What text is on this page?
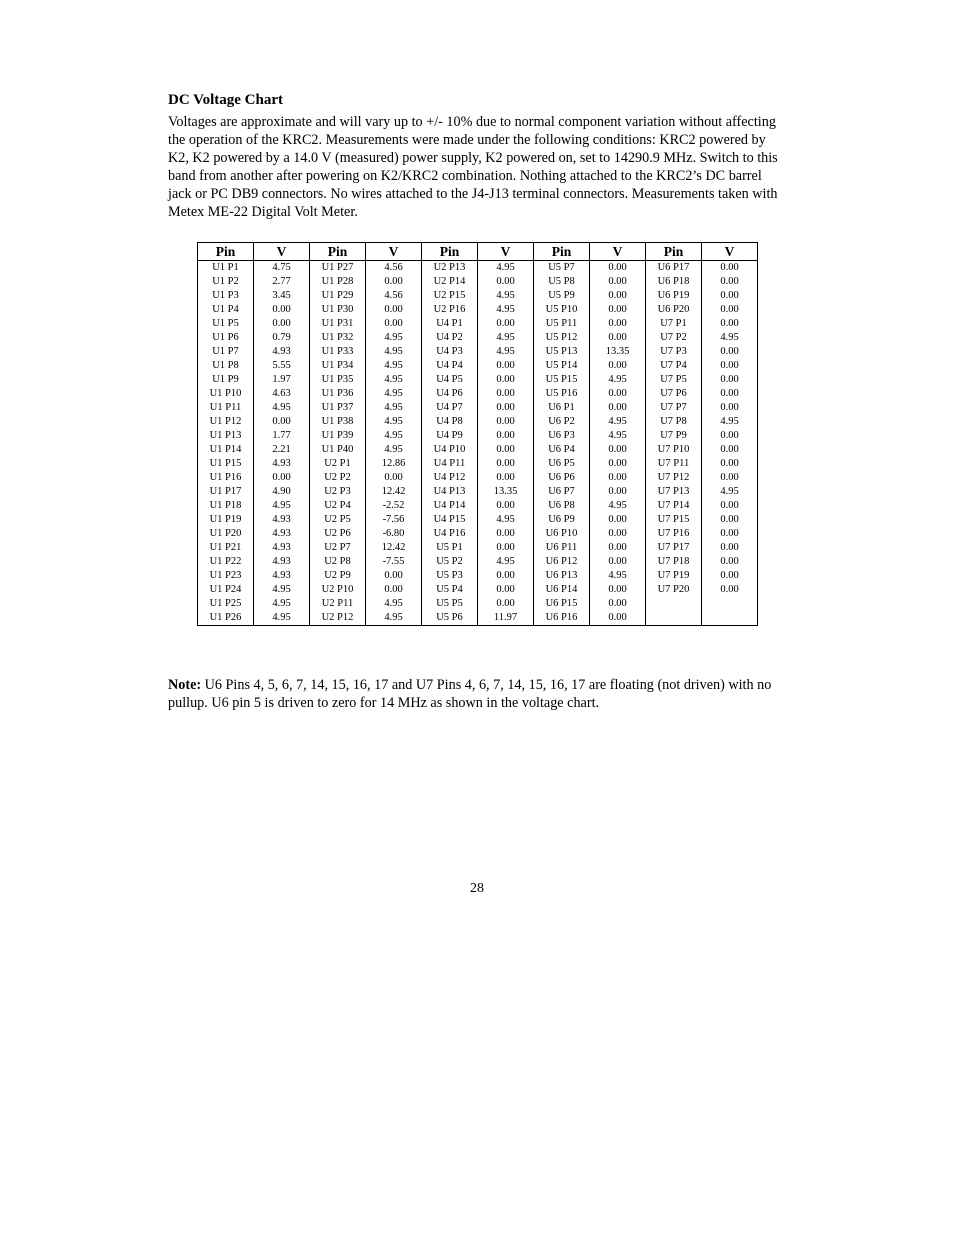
DC Voltage Chart
Voltages are approximate and will vary up to +/- 10% due to normal component variation without affecting the operation of the KRC2. Measurements were made under the following conditions: KRC2 powered by K2, K2 powered by a 14.0 V (measured) power supply, K2 powered on, set to 14290.9 MHz. Switch to this band from another after powering on K2/KRC2 combination. Nothing attached to the KRC2’s DC barrel jack or PC DB9 connectors. No wires attached to the J4-J13 terminal connectors. Measurements taken with Metex ME-22 Digital Volt Meter.
Pin	V	Pin	V	Pin	V	Pin	V	Pin	V
U1 P1	4.75	U1 P27	4.56	U2 P13	4.95	U5 P7	0.00	U6 P17	0.00
U1 P2	2.77	U1 P28	0.00	U2 P14	0.00	U5 P8	0.00	U6 P18	0.00
U1 P3	3.45	U1 P29	4.56	U2 P15	4.95	U5 P9	0.00	U6 P19	0.00
U1 P4	0.00	U1 P30	0.00	U2 P16	4.95	U5 P10	0.00	U6 P20	0.00
U1 P5	0.00	U1 P31	0.00	U4 P1	0.00	U5 P11	0.00	U7 P1	0.00
U1 P6	0.79	U1 P32	4.95	U4 P2	4.95	U5 P12	0.00	U7 P2	4.95
U1 P7	4.93	U1 P33	4.95	U4 P3	4.95	U5 P13	13.35	U7 P3	0.00
U1 P8	5.55	U1 P34	4.95	U4 P4	0.00	U5 P14	0.00	U7 P4	0.00
U1 P9	1.97	U1 P35	4.95	U4 P5	0.00	U5 P15	4.95	U7 P5	0.00
U1 P10	4.63	U1 P36	4.95	U4 P6	0.00	U5 P16	0.00	U7 P6	0.00
U1 P11	4.95	U1 P37	4.95	U4 P7	0.00	U6 P1	0.00	U7 P7	0.00
U1 P12	0.00	U1 P38	4.95	U4 P8	0.00	U6 P2	4.95	U7 P8	4.95
U1 P13	1.77	U1 P39	4.95	U4 P9	0.00	U6 P3	4.95	U7 P9	0.00
U1 P14	2.21	U1 P40	4.95	U4 P10	0.00	U6 P4	0.00	U7 P10	0.00
U1 P15	4.93	U2 P1	12.86	U4 P11	0.00	U6 P5	0.00	U7 P11	0.00
U1 P16	0.00	U2 P2	0.00	U4 P12	0.00	U6 P6	0.00	U7 P12	0.00
U1 P17	4.90	U2 P3	12.42	U4 P13	13.35	U6 P7	0.00	U7 P13	4.95
U1 P18	4.95	U2 P4	-2.52	U4 P14	0.00	U6 P8	4.95	U7 P14	0.00
U1 P19	4.93	U2 P5	-7.56	U4 P15	4.95	U6 P9	0.00	U7 P15	0.00
U1 P20	4.93	U2 P6	-6.80	U4 P16	0.00	U6 P10	0.00	U7 P16	0.00
U1 P21	4.93	U2 P7	12.42	U5 P1	0.00	U6 P11	0.00	U7 P17	0.00
U1 P22	4.93	U2 P8	-7.55	U5 P2	4.95	U6 P12	0.00	U7 P18	0.00
U1 P23	4.93	U2 P9	0.00	U5 P3	0.00	U6 P13	4.95	U7 P19	0.00
U1 P24	4.95	U2 P10	0.00	U5 P4	0.00	U6 P14	0.00	U7 P20	0.00
U1 P25	4.95	U2 P11	4.95	U5 P5	0.00	U6 P15	0.00		
U1 P26	4.95	U2 P12	4.95	U5 P6	11.97	U6 P16	0.00		
Note: U6 Pins 4, 5, 6, 7, 14, 15, 16, 17 and U7 Pins 4, 6, 7, 14, 15, 16, 17 are floating (not driven) with no pullup. U6 pin 5 is driven to zero for 14 MHz as shown in the voltage chart.
28
